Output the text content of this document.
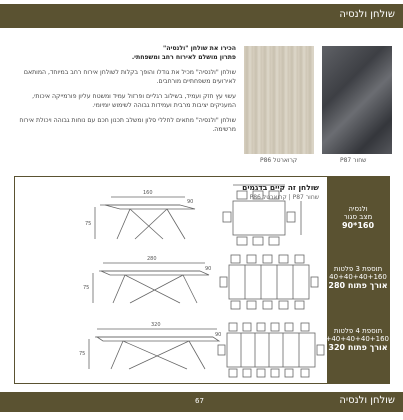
שולחן ולנסיה
שחור P87
קרוארטל P86

הכירו את שולחן "ולנסיה"
פתרון מושלם לאירוח רחב ומשפחתי.

שולחן "ולנסיה" מכיל את גודלו והופך בקלות לשולחן אירוח רחב במיוחד, המותאם לאירועים משפחתיים מורחבים.

עשוי עץ חזק ועמיד, בשילוב רגליים ופרזול עמיד ומשטח עליון פורמייקה איכותי, המעניקים יציבות מרבית ועמידות גבוהה לשימוש יומיומי.

שולחן "ולנסיה" מתאים לחללי סלון ומשלב תכנון חכם עם נוחות גבוהה ויכולת אירוח מרשימה.

שולחן זה קיים בדגמים
שחור P87 | קרוארטל P86
ולנסיה
מצב סגור
160*90
תוספת 3 פלטות
40+40+40+160
אורך פתוח 280
תוספת 4 פלטות
40+40+40+40+160
אורך פתוח 320
160
90
75
280
90
75
320
90
75
שולחן ולנסיה
67
